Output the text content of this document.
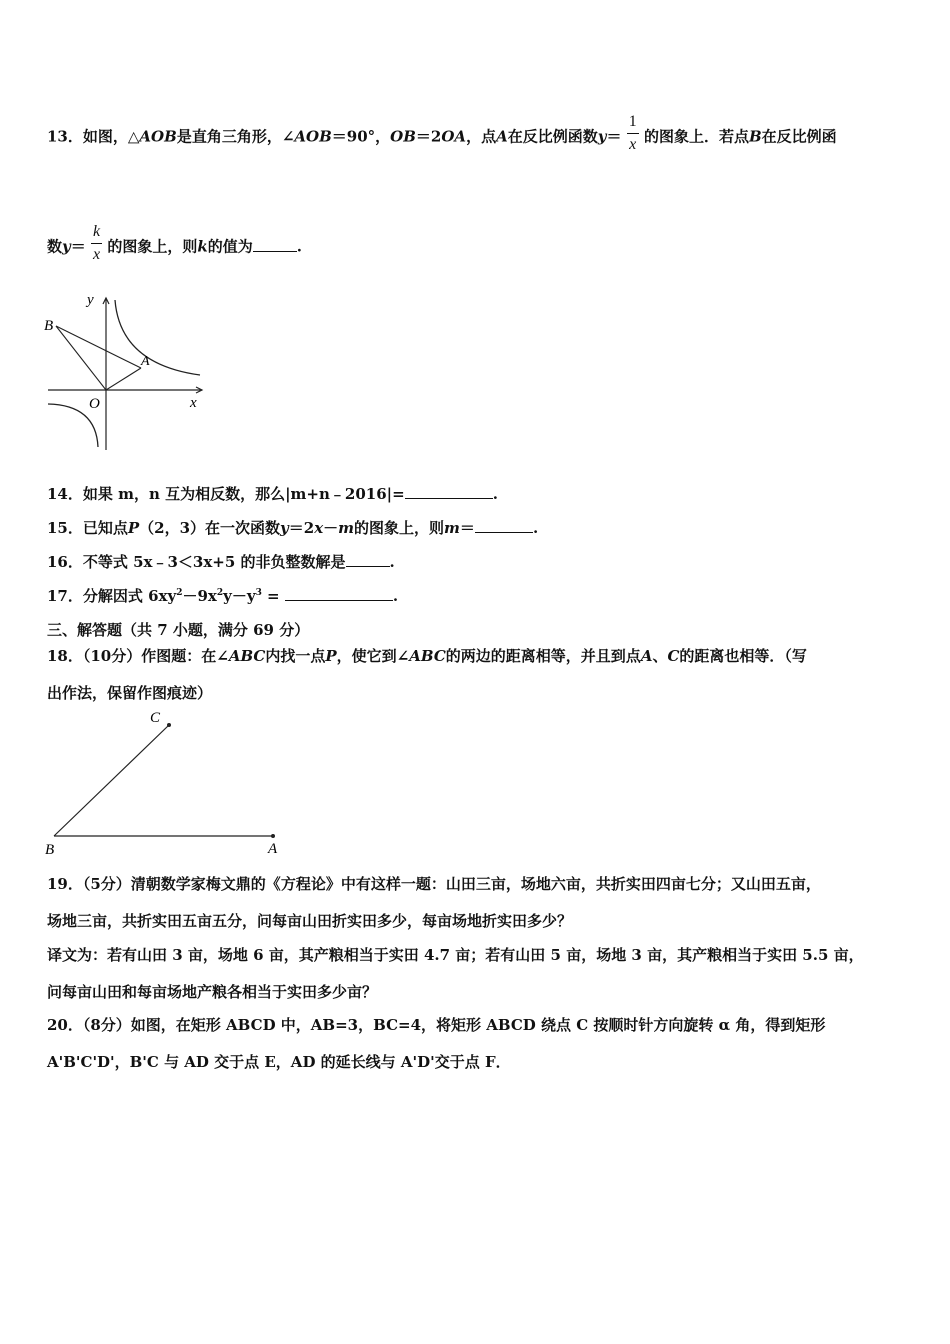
13．如图，△AOB是直角三角形，∠AOB＝90°，OB＝2OA，点A在反比例函数$y= \frac{1}{x}$ 的图象上．若点B在反比例函
数$y= \frac{k}{x}$ 的图象上，则k的值为	.
y
x
O
A
B
14．如果 m，n 互为相反数，那么|m+n﹣2016|=	.
15．已知点P（2，3）在一次函数y＝2x－m的图象上，则m＝	.
16．不等式 5x﹣3＜3x+5 的非负整数解是	.
17．分解因式 $6xy^2-9x^2y-y^3$ =	.
三、解答题（共 7 小题，满分 69 分）
18．（10分）作图题：在∠ABC内找一点P，使它到∠ABC的两边的距离相等，并且到点A、C的距离也相等．（写
出作法，保留作图痕迹）
C
B	A
19．（5分）清朝数学家梅文鼎的《方程论》中有这样一题：山田三亩，场地六亩，共折实田四亩七分；又山田五亩，
场地三亩，共折实田五亩五分，问每亩山田折实田多少，每亩场地折实田多少？
译文为：若有山田 3 亩，场地 6 亩，其产粮相当于实田 4.7 亩；若有山田 5 亩，场地 3 亩，其产粮相当于实田 5.5 亩，
问每亩山田和每亩场地产粮各相当于实田多少亩？
20．（8分）如图，在矩形 ABCD 中，AB=3，BC=4，将矩形 ABCD 绕点 C 按顺时针方向旋转 α 角，得到矩形
A'B'C'D'，B'C 与 AD 交于点 E，AD 的延长线与 A'D'交于点 F．
